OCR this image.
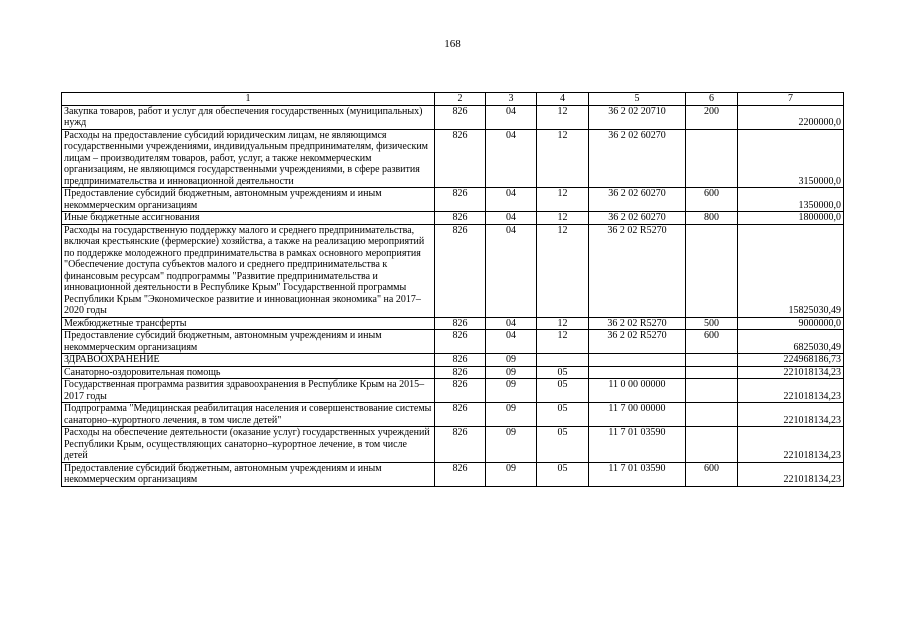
168
1	2	3	4	5	6	7
Закупка товаров, работ и услуг для обеспечения государственных (муниципальных) нужд	826	04	12	36 2 02 20710	200	2200000,0
Расходы на предоставление субсидий юридическим лицам, не являющимся государственными учреждениями, индивидуальным предпринимателям, физическим лицам – производителям товаров, работ, услуг, а также некоммерческим организациям, не являющимся государственными учреждениями, в сфере развития предпринимательства и инновационной деятельности	826	04	12	36 2 02 60270		3150000,0
Предоставление субсидий бюджетным, автономным учреждениям и иным некоммерческим организациям	826	04	12	36 2 02 60270	600	1350000,0
Иные бюджетные ассигнования	826	04	12	36 2 02 60270	800	1800000,0
Расходы на государственную поддержку малого и среднего предпринимательства, включая крестьянские (фермерские) хозяйства, а также на реализацию мероприятий по поддержке молодежного предпринимательства в рамках основного мероприятия "Обеспечение доступа субъектов малого и среднего предпринимательства к финансовым ресурсам" подпрограммы "Развитие предпринимательства и инновационной деятельности в Республике Крым" Государственной программы Республики Крым "Экономическое развитие и инновационная экономика" на 2017–2020 годы	826	04	12	36 2 02 R5270		15825030,49
Межбюджетные трансферты	826	04	12	36 2 02 R5270	500	9000000,0
Предоставление субсидий бюджетным, автономным учреждениям и иным некоммерческим организациям	826	04	12	36 2 02 R5270	600	6825030,49
ЗДРАВООХРАНЕНИЕ	826	09				224968186,73
Санаторно-оздоровительная помощь	826	09	05			221018134,23
Государственная программа развития здравоохранения в Республике Крым на 2015–2017 годы	826	09	05	11 0 00 00000		221018134,23
Подпрограмма "Медицинская реабилитация населения и совершенствование системы санаторно–курортного лечения, в том числе детей"	826	09	05	11 7 00 00000		221018134,23
Расходы на обеспечение деятельности (оказание услуг) государственных учреждений Республики Крым, осуществляющих санаторно–курортное лечение, в том числе детей	826	09	05	11 7 01 03590		221018134,23
Предоставление субсидий бюджетным, автономным учреждениям и иным некоммерческим организациям	826	09	05	11 7 01 03590	600	221018134,23
